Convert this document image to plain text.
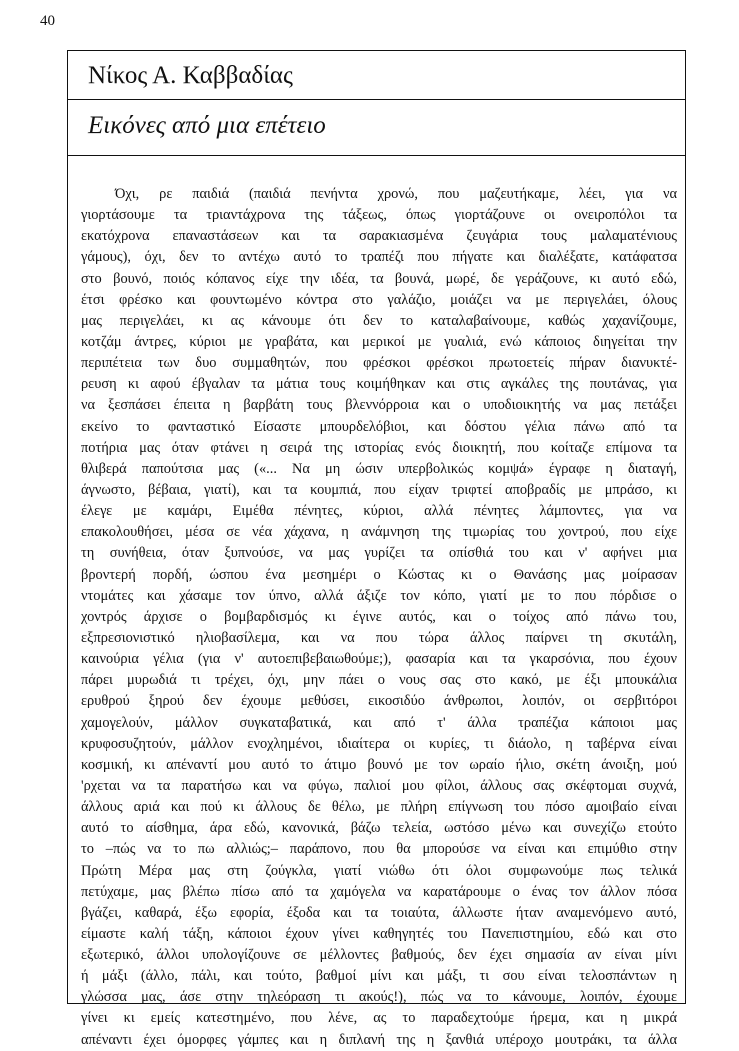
40
Νίκος Α. Καββαδίας
Εικόνες από μια επέτειο
Όχι, ρε παιδιά (παιδιά πενήντα χρονώ, που μαζευτήκαμε, λέει, για να
γιορτάσουμε τα τριαντάχρονα της τάξεως, όπως γιορτάζουνε οι ονειροπόλοι τα
εκατόχρονα επαναστάσεων και τα σαρακιασμένα ζευγάρια τους μαλαματένιους
γάμους), όχι, δεν το αντέχω αυτό το τραπέζι που πήγατε και διαλέξατε, κατάφατσα
στο βουνό, ποιός κόπανος είχε την ιδέα, τα βουνά, μωρέ, δε γεράζουνε, κι αυτό εδώ,
έτσι φρέσκο και φουντωμένο κόντρα στο γαλάζιο, μοιάζει να με περιγελάει, όλους
μας περιγελάει, κι ας κάνουμε ότι δεν το καταλαβαίνουμε, καθώς χαχανίζουμε,
κοτζάμ άντρες, κύριοι με γραβάτα, και μερικοί με γυαλιά, ενώ κάποιος διηγείται την
περιπέτεια των δυο συμμαθητών, που φρέσκοι φρέσκοι πρωτοετείς πήραν διανυκτέ-
ρευση κι αφού έβγαλαν τα μάτια τους κοιμήθηκαν και στις αγκάλες της πουτάνας, για
να ξεσπάσει έπειτα η βαρβάτη τους βλεννόρροια και ο υποδιοικητής να μας πετάξει
εκείνο το φανταστικό Είσαστε μπουρδελόβιοι, και δόστου γέλια πάνω από τα
ποτήρια μας όταν φτάνει η σειρά της ιστορίας ενός διοικητή, που κοίταζε επίμονα τα
θλιβερά παπούτσια μας («... Να μη ώσιν υπερβολικώς κομψά» έγραφε η διαταγή,
άγνωστο, βέβαια, γιατί), και τα κουμπιά, που είχαν τριφτεί αποβραδίς με μπράσο, κι
έλεγε με καμάρι, Ειμέθα πένητες, κύριοι, αλλά πένητες λάμποντες, για να
επακολουθήσει, μέσα σε νέα χάχανα, η ανάμνηση της τιμωρίας του χοντρού, που είχε
τη συνήθεια, όταν ξυπνούσε, να μας γυρίζει τα οπίσθιά του και ν' αφήνει μια
βροντερή πορδή, ώσπου ένα μεσημέρι ο Κώστας κι ο Θανάσης μας μοίρασαν
ντομάτες και χάσαμε τον ύπνο, αλλά άξιζε τον κόπο, γιατί με το που πόρδισε ο
χοντρός άρχισε ο βομβαρδισμός κι έγινε αυτός, και ο τοίχος από πάνω του,
εξπρεσιονιστικό ηλιοβασίλεμα, και να που τώρα άλλος παίρνει τη σκυτάλη,
καινούρια γέλια (για ν' αυτοεπιβεβαιωθούμε;), φασαρία και τα γκαρσόνια, που έχουν
πάρει μυρωδιά τι τρέχει, όχι, μην πάει ο νους σας στο κακό, με έξι μπουκάλια
ερυθρού ξηρού δεν έχουμε μεθύσει, εικοσιδύο άνθρωποι, λοιπόν, οι σερβιτόροι
χαμογελούν, μάλλον συγκαταβατικά, και από τ' άλλα τραπέζια κάποιοι μας
κρυφοσυζητούν, μάλλον ενοχλημένοι, ιδιαίτερα οι κυρίες, τι διάολο, η ταβέρνα είναι
κοσμική, κι απέναντί μου αυτό το άτιμο βουνό με τον ωραίο ήλιο, σκέτη άνοιξη, μού
'ρχεται να τα παρατήσω και να φύγω, παλιοί μου φίλοι, άλλους σας σκέφτομαι συχνά,
άλλους αριά και πού κι άλλους δε θέλω, με πλήρη επίγνωση του πόσο αμοιβαίο είναι
αυτό το αίσθημα, άρα εδώ, κανονικά, βάζω τελεία, ωστόσο μένω και συνεχίζω ετούτο
το –πώς να το πω αλλιώς;– παράπονο, που θα μπορούσε να είναι και επιμύθιο στην
Πρώτη Μέρα μας στη ζούγκλα, γιατί νιώθω ότι όλοι συμφωνούμε πως τελικά
πετύχαμε, μας βλέπω πίσω από τα χαμόγελα να καρατάρουμε ο ένας τον άλλον πόσα
βγάζει, καθαρά, έξω εφορία, έξοδα και τα τοιαύτα, άλλωστε ήταν αναμενόμενο αυτό,
είμαστε καλή τάξη, κάποιοι έχουν γίνει καθηγητές του Πανεπιστημίου, εδώ και στο
εξωτερικό, άλλοι υπολογίζουνε σε μέλλοντες βαθμούς, δεν έχει σημασία αν είναι μίνι
ή μάξι (άλλο, πάλι, και τούτο, βαθμοί μίνι και μάξι, τι σου είναι τελοσπάντων η
γλώσσα μας, άσε στην τηλεόραση τι ακούς!), πώς να το κάνουμε, λοιπόν, έχουμε
γίνει κι εμείς κατεστημένο, που λένε, ας το παραδεχτούμε ήρεμα, και η μικρά
απέναντι έχει όμορφες γάμπες και η διπλανή της η ξανθιά υπέροχο μουτράκι, τα άλλα
